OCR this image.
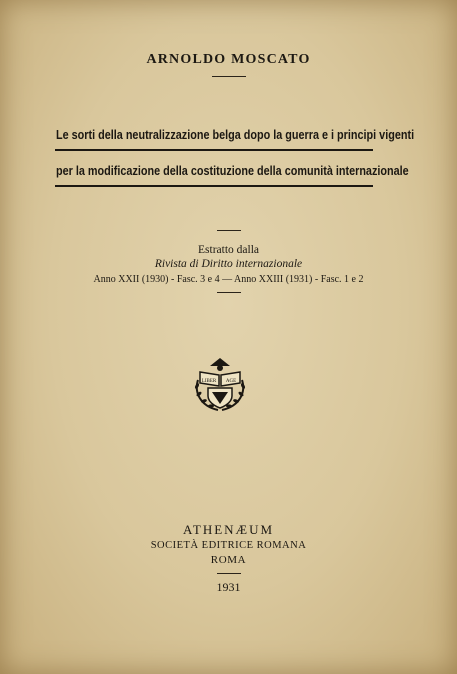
ARNOLDO MOSCATO
Le sorti della neutralizzazione belga dopo la guerra e i principi vigenti
per la modificazione della costituzione della comunità internazionale
Estratto dalla
Rivista di Diritto internazionale
Anno XXII (1930) - Fasc. 3 e 4 — Anno XXIII (1931) - Fasc. 1 e 2
LIBER AGE
ATHENÆUM
SOCIETÀ EDITRICE ROMANA
ROMA
1931
